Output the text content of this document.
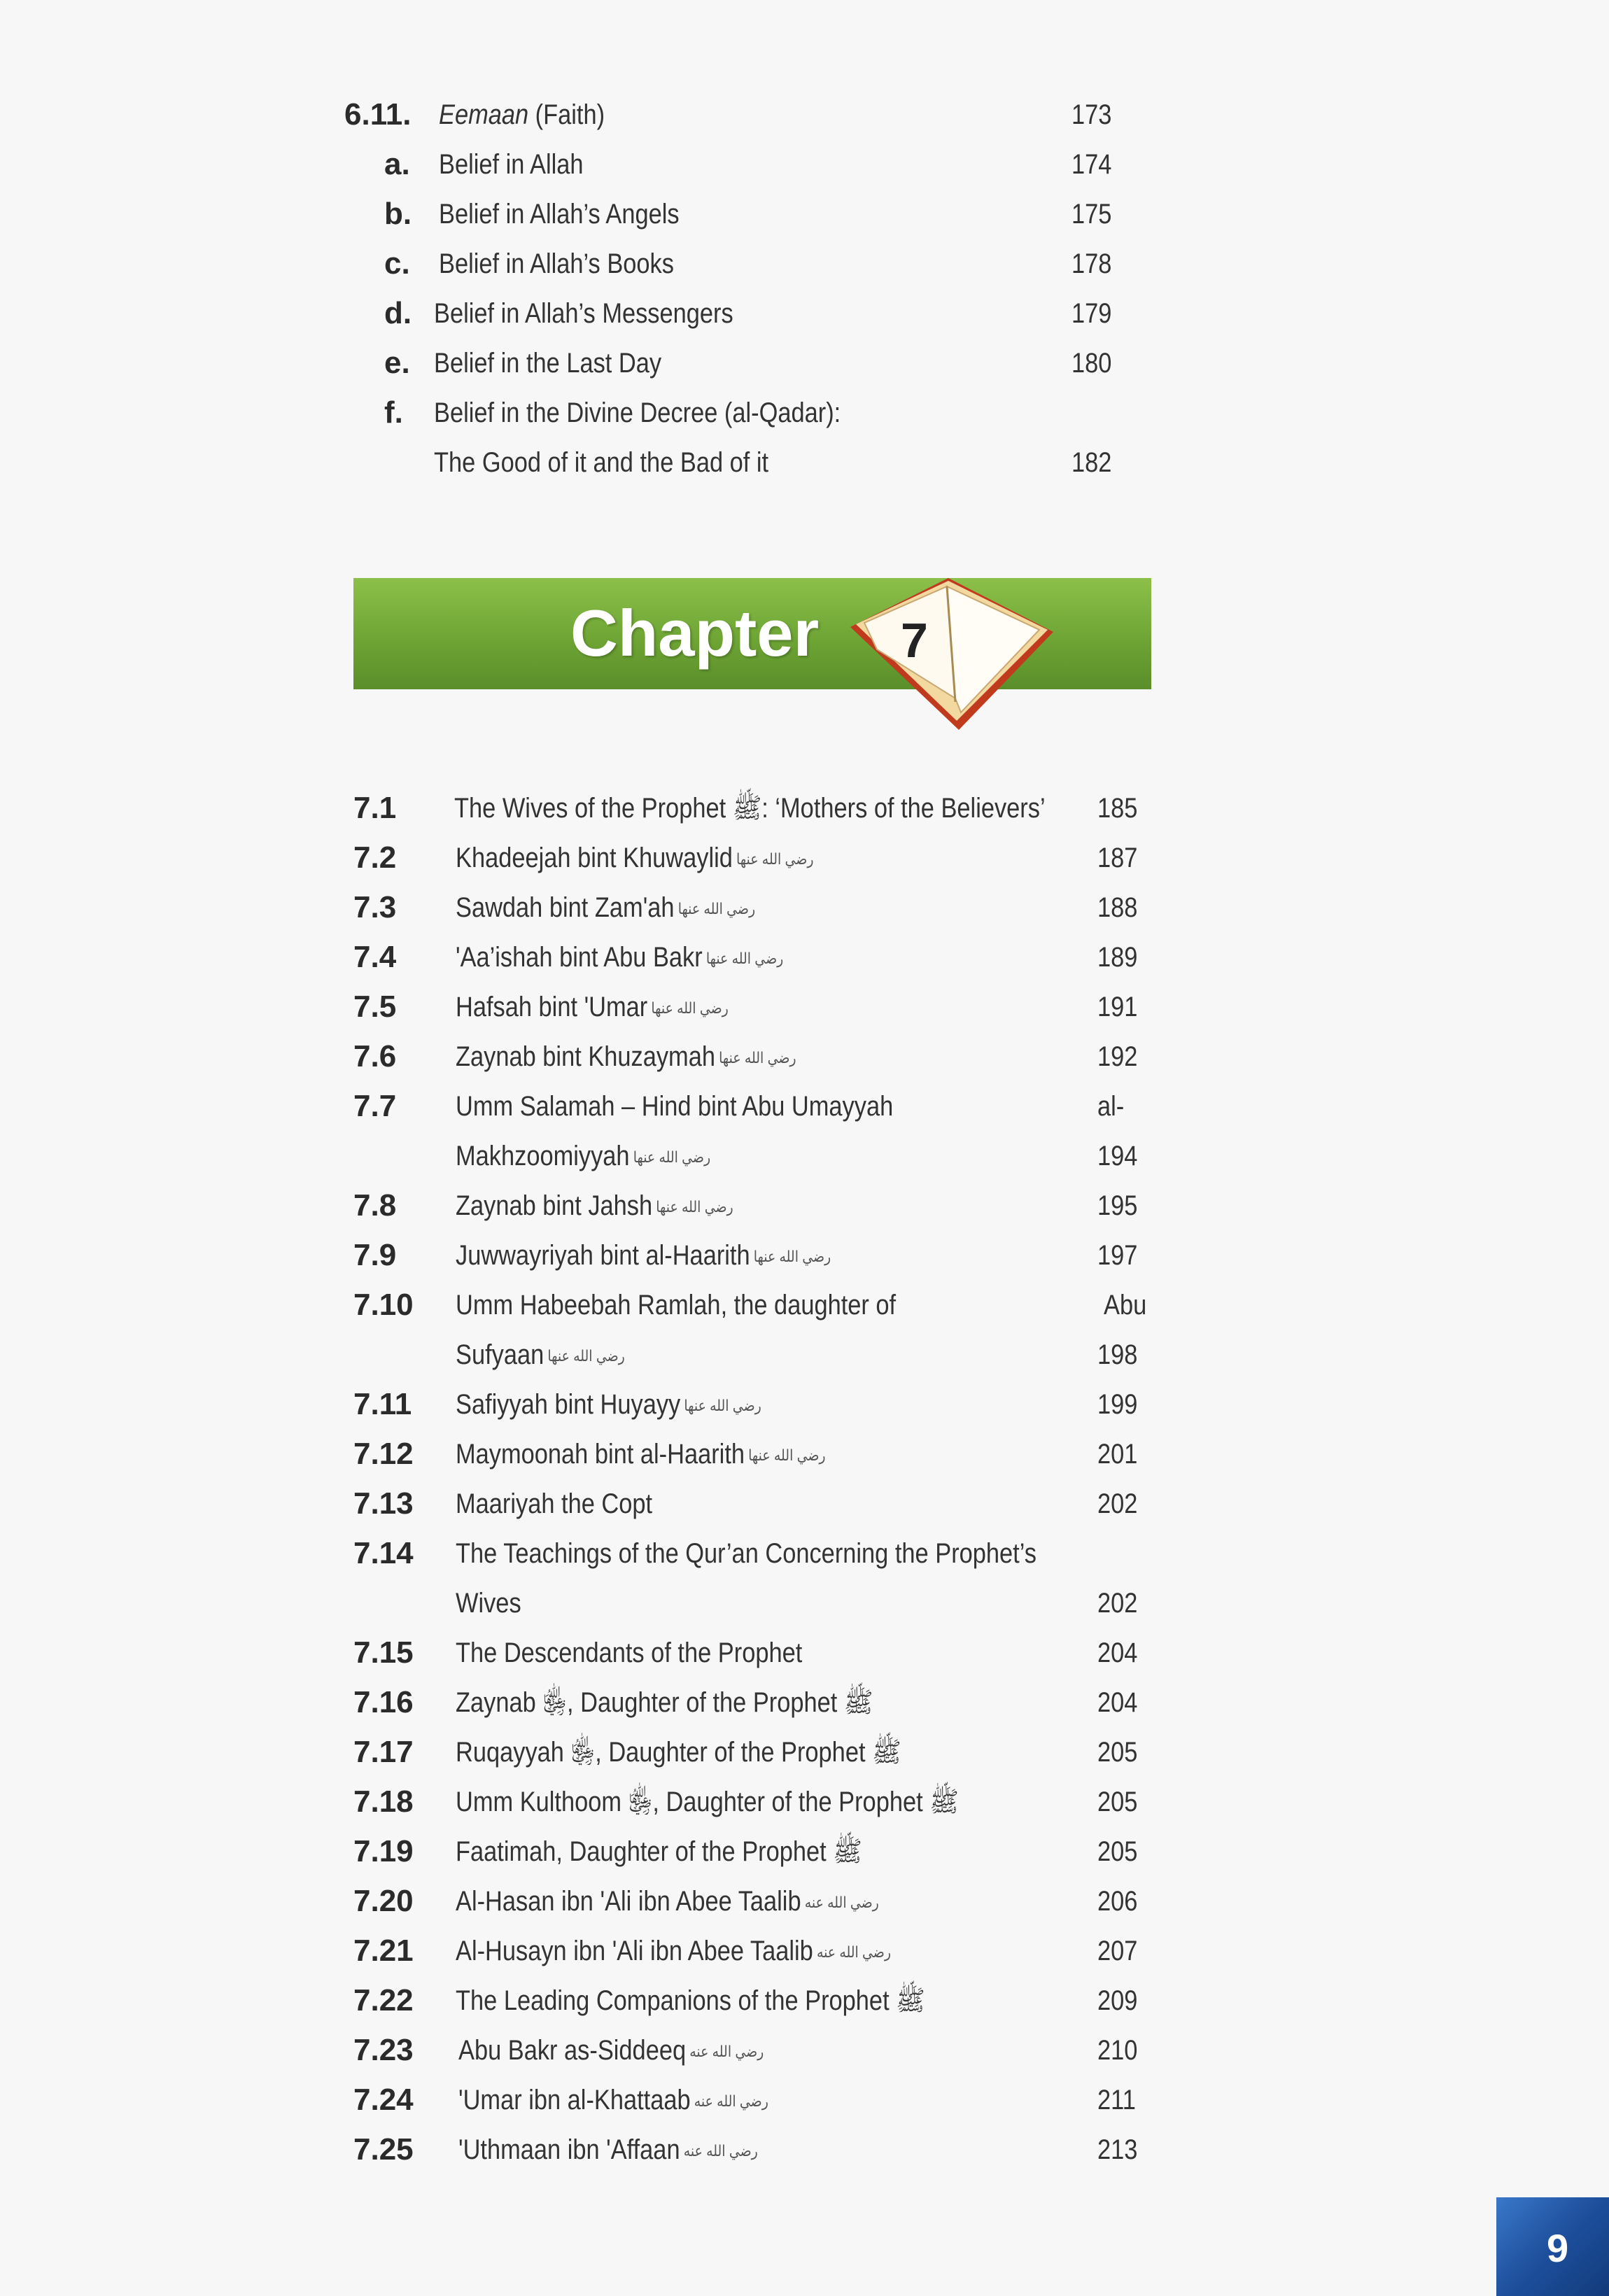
6.11. Eemaan (Faith)	173
a. Belief in Allah	174
b. Belief in Allah’s Angels	175
c. Belief in Allah’s Books	178
d. Belief in Allah’s Messengers	179
e. Belief in the Last Day	180
f. Belief in the Divine Decree (al-Qadar):
The Good of it and the Bad of it	182
Chapter 7
7.1 The Wives of the Prophet ﷺ: ‘Mothers of the Believers’ 185
7.2 Khadeejah bint Khuwaylid رضي الله عنها	187
7.3 Sawdah bint Zam'ah رضي الله عنها	188
7.4 'Aa’ishah bint Abu Bakr رضي الله عنها	189
7.5 Hafsah bint 'Umar رضي الله عنها	191
7.6 Zaynab bint Khuzaymah رضي الله عنها	192
7.7 Umm Salamah – Hind bint Abu Umayyah	al-
Makhzoomiyyah رضي الله عنها	194
7.8 Zaynab bint Jahsh رضي الله عنها	195
7.9 Juwwayriyah bint al-Haarith رضي الله عنها	197
7.10 Umm Habeebah Ramlah, the daughter of	Abu
Sufyaan رضي الله عنها	198
7.11 Safiyyah bint Huyayy رضي الله عنها	199
7.12 Maymoonah bint al-Haarith رضي الله عنها	201
7.13 Maariyah the Copt	202
7.14 The Teachings of the Qur’an Concerning the Prophet’s
Wives	202
7.15 The Descendants of the Prophet	204
7.16 Zaynab ﵂, Daughter of the Prophet ﷺ	204
7.17 Ruqayyah ﵂, Daughter of the Prophet ﷺ	205
7.18 Umm Kulthoom ﵂, Daughter of the Prophet ﷺ	205
7.19 Faatimah, Daughter of the Prophet ﷺ	205
7.20 Al-Hasan ibn 'Ali ibn Abee Taalib رضي الله عنه	206
7.21 Al-Husayn ibn 'Ali ibn Abee Taalib رضي الله عنه	207
7.22 The Leading Companions of the Prophet ﷺ	209
7.23 Abu Bakr as-Siddeeq رضي الله عنه	210
7.24 'Umar ibn al-Khattaab رضي الله عنه	211
7.25 'Uthmaan ibn 'Affaan رضي الله عنه	213
9
